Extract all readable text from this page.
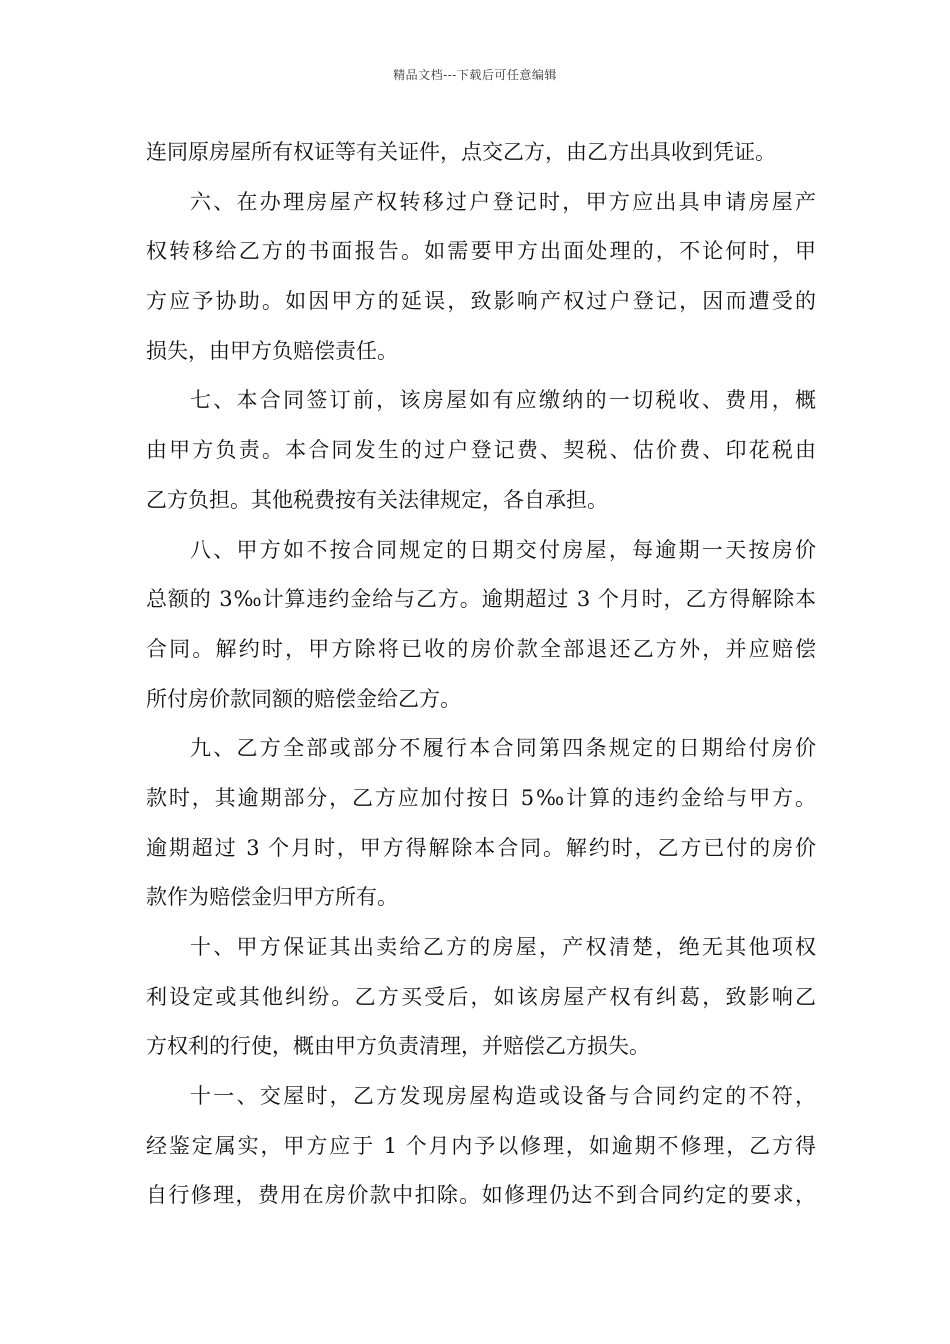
精品文档---下载后可任意编辑
连同原房屋所有权证等有关证件，点交乙方，由乙方出具收到凭证。
六、在办理房屋产权转移过户登记时，甲方应出具申请房屋产
权转移给乙方的书面报告。如需要甲方出面处理的，不论何时，甲
方应予协助。如因甲方的延误，致影响产权过户登记，因而遭受的
损失，由甲方负赔偿责任。
七、本合同签订前，该房屋如有应缴纳的一切税收、费用，概
由甲方负责。本合同发生的过户登记费、契税、估价费、印花税由
乙方负担。其他税费按有关法律规定，各自承担。
八、甲方如不按合同规定的日期交付房屋，每逾期一天按房价
总额的 3‰计算违约金给与乙方。逾期超过 3 个月时，乙方得解除本
合同。解约时，甲方除将已收的房价款全部退还乙方外，并应赔偿
所付房价款同额的赔偿金给乙方。
九、乙方全部或部分不履行本合同第四条规定的日期给付房价
款时，其逾期部分，乙方应加付按日 5‰计算的违约金给与甲方。
逾期超过 3 个月时，甲方得解除本合同。解约时，乙方已付的房价
款作为赔偿金归甲方所有。
十、甲方保证其出卖给乙方的房屋，产权清楚，绝无其他项权
利设定或其他纠纷。乙方买受后，如该房屋产权有纠葛，致影响乙
方权利的行使，概由甲方负责清理，并赔偿乙方损失。
十一、交屋时，乙方发现房屋构造或设备与合同约定的不符，
经鉴定属实，甲方应于 1 个月内予以修理，如逾期不修理，乙方得
自行修理，费用在房价款中扣除。如修理仍达不到合同约定的要求，
